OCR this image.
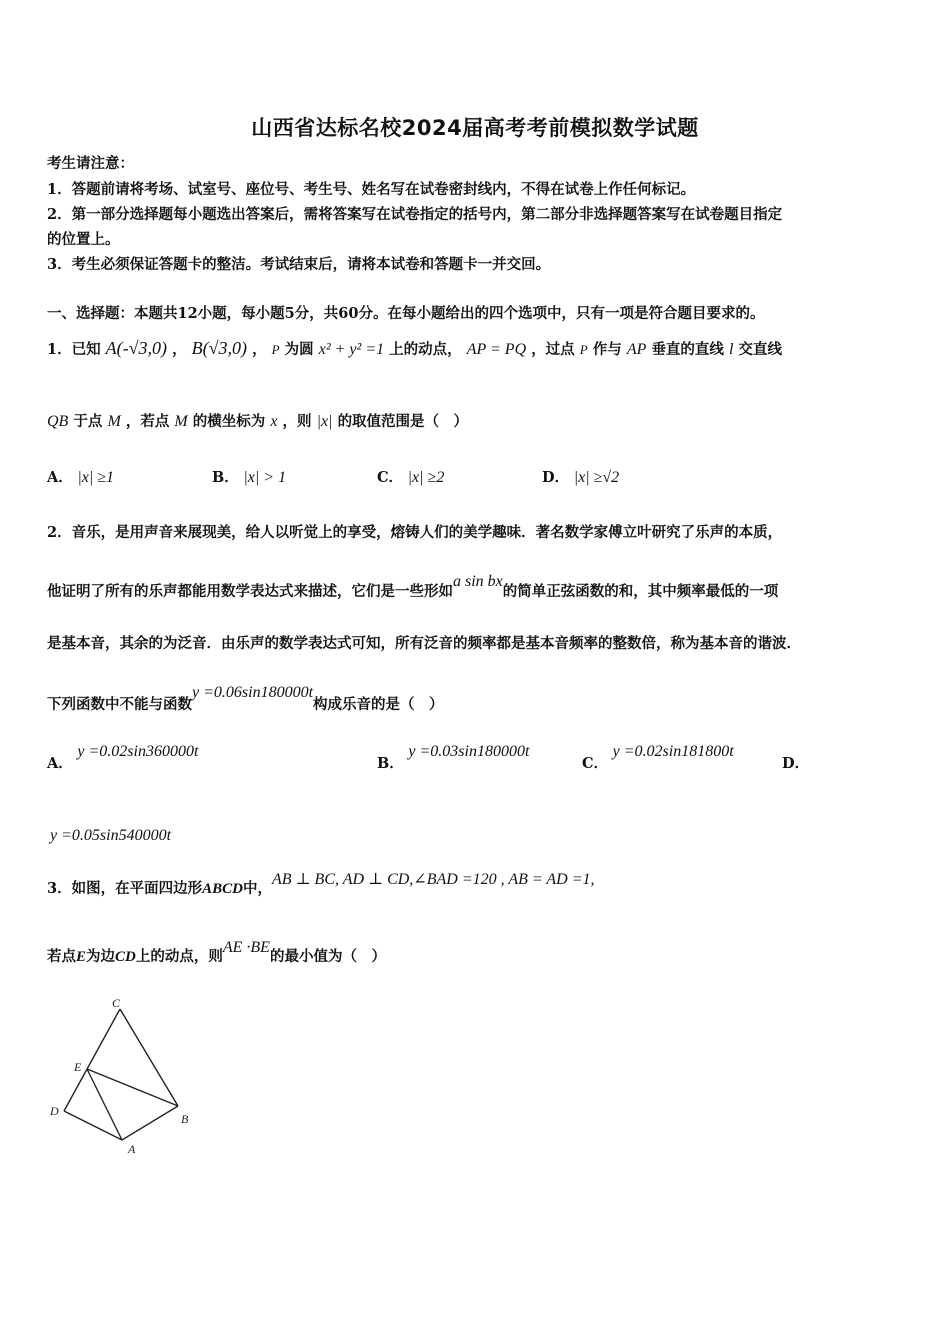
山西省达标名校2024届高考考前模拟数学试题
考生请注意：
1．答题前请将考场、试室号、座位号、考生号、姓名写在试卷密封线内，不得在试卷上作任何标记。
2．第一部分选择题每小题选出答案后，需将答案写在试卷指定的括号内，第二部分非选择题答案写在试卷题目指定
的位置上。
3．考生必须保证答题卡的整洁。考试结束后，请将本试卷和答题卡一并交回。
一、选择题：本题共12小题，每小题5分，共60分。在每小题给出的四个选项中，只有一项是符合题目要求的。
1．已知 A(-√3,0) ， B(√3,0) ， P 为圆 x² + y² =1 上的动点， AP = PQ ，过点 P 作与 AP 垂直的直线 l 交直线
QB 于点 M ，若点 M 的横坐标为 x ，则 |x| 的取值范围是（　）
A． |x| ≥1	B． |x| > 1	C． |x| ≥2	D． |x| ≥√2
2．音乐，是用声音来展现美，给人以听觉上的享受，熔铸人们的美学趣味．著名数学家傅立叶研究了乐声的本质，
他证明了所有的乐声都能用数学表达式来描述，它们是一些形如a sin bx的简单正弦函数的和，其中频率最低的一项
是基本音，其余的为泛音．由乐声的数学表达式可知，所有泛音的频率都是基本音频率的整数倍，称为基本音的谐波．
下列函数中不能与函数y =0.06sin180000t构成乐音的是（　）
A． y =0.02sin360000t
B． y =0.03sin180000t
C． y =0.02sin181800t
D．
y =0.05sin540000t
3．如图，在平面四边形ABCD中，AB ⊥ BC, AD ⊥ CD,∠BAD =120 , AB = AD =1,
若点E为边CD上的动点，则AE ·BE的最小值为（　）
C
E
D
B
A
